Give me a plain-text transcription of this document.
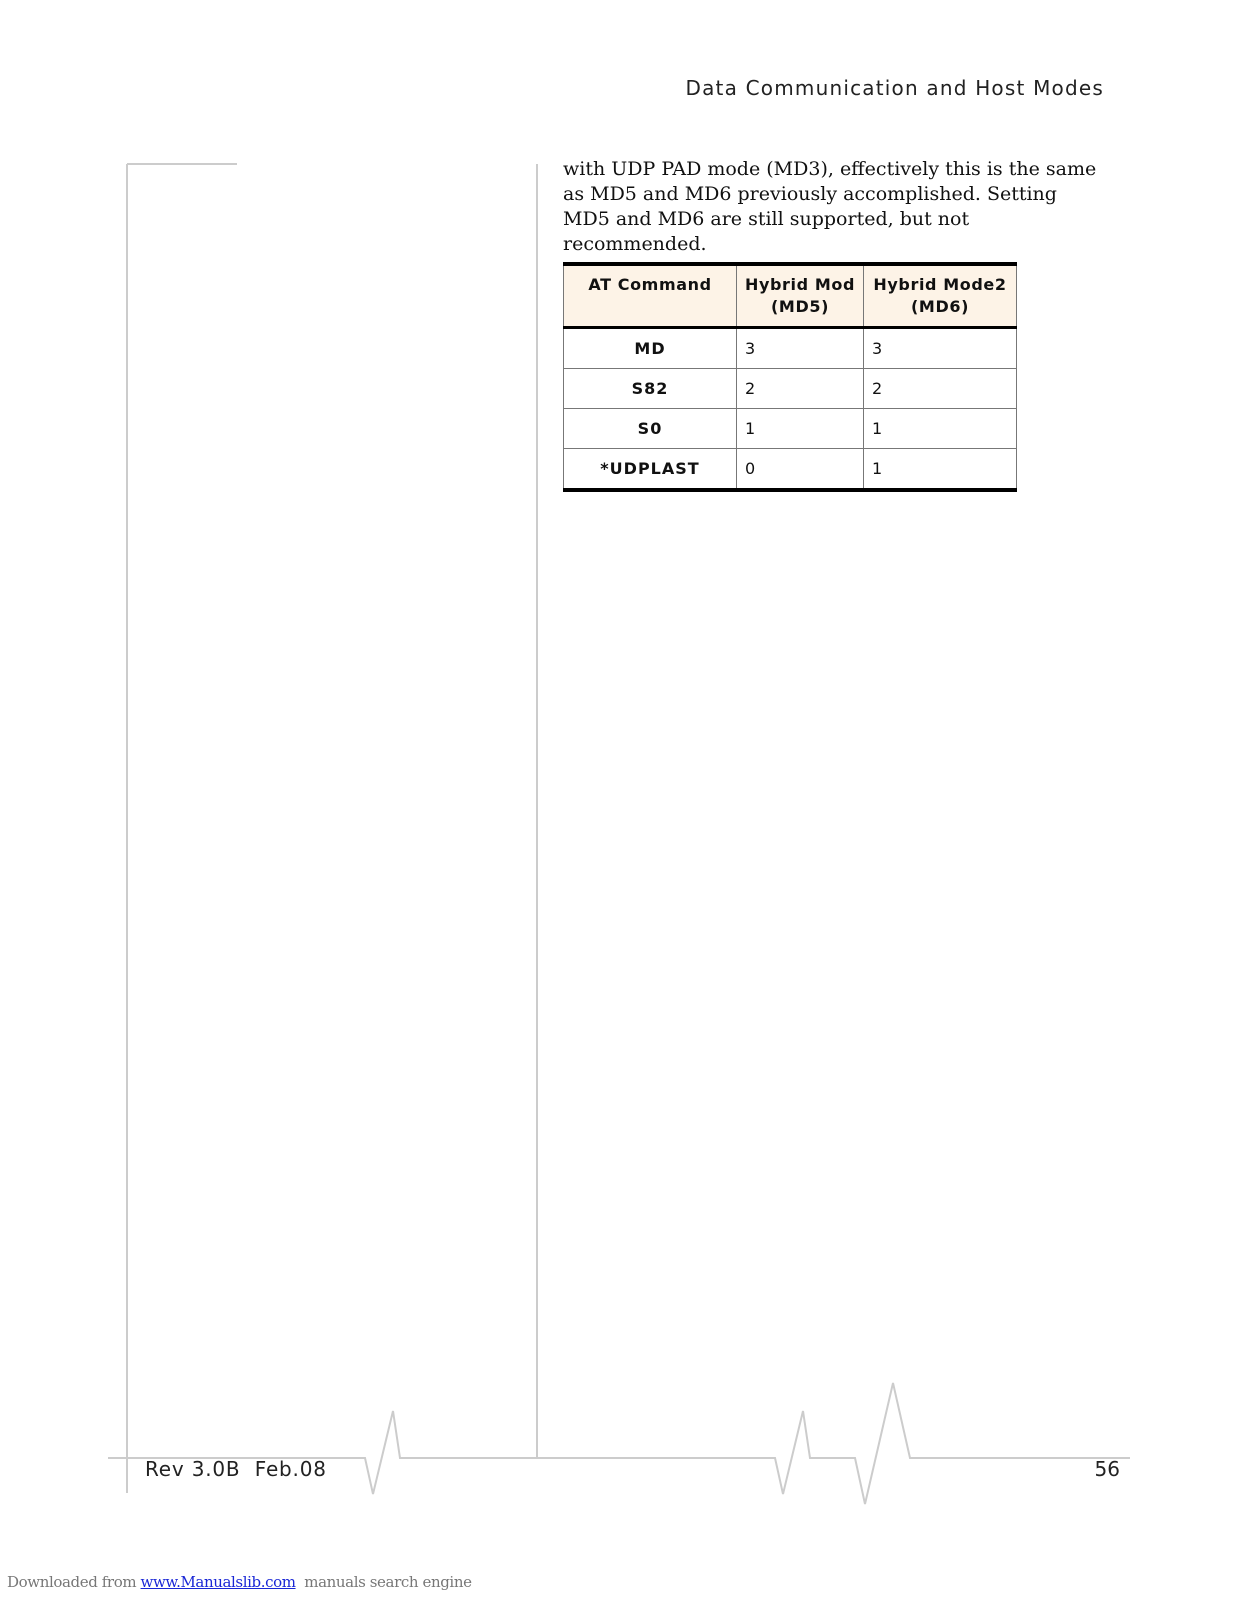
Data Communication and Host Modes
with UDP PAD mode (MD3), effectively this is the same as MD5 and MD6 previously accomplished. Setting MD5 and MD6 are still supported, but not recommended.
AT Command	Hybrid Mod (MD5)	Hybrid Mode2 (MD6)
MD	3	3
S82	2	2
S0	1	1
*UDPLAST	0	1
Rev 3.0B  Feb.08	56
Downloaded from www.Manualslib.com  manuals search engine
